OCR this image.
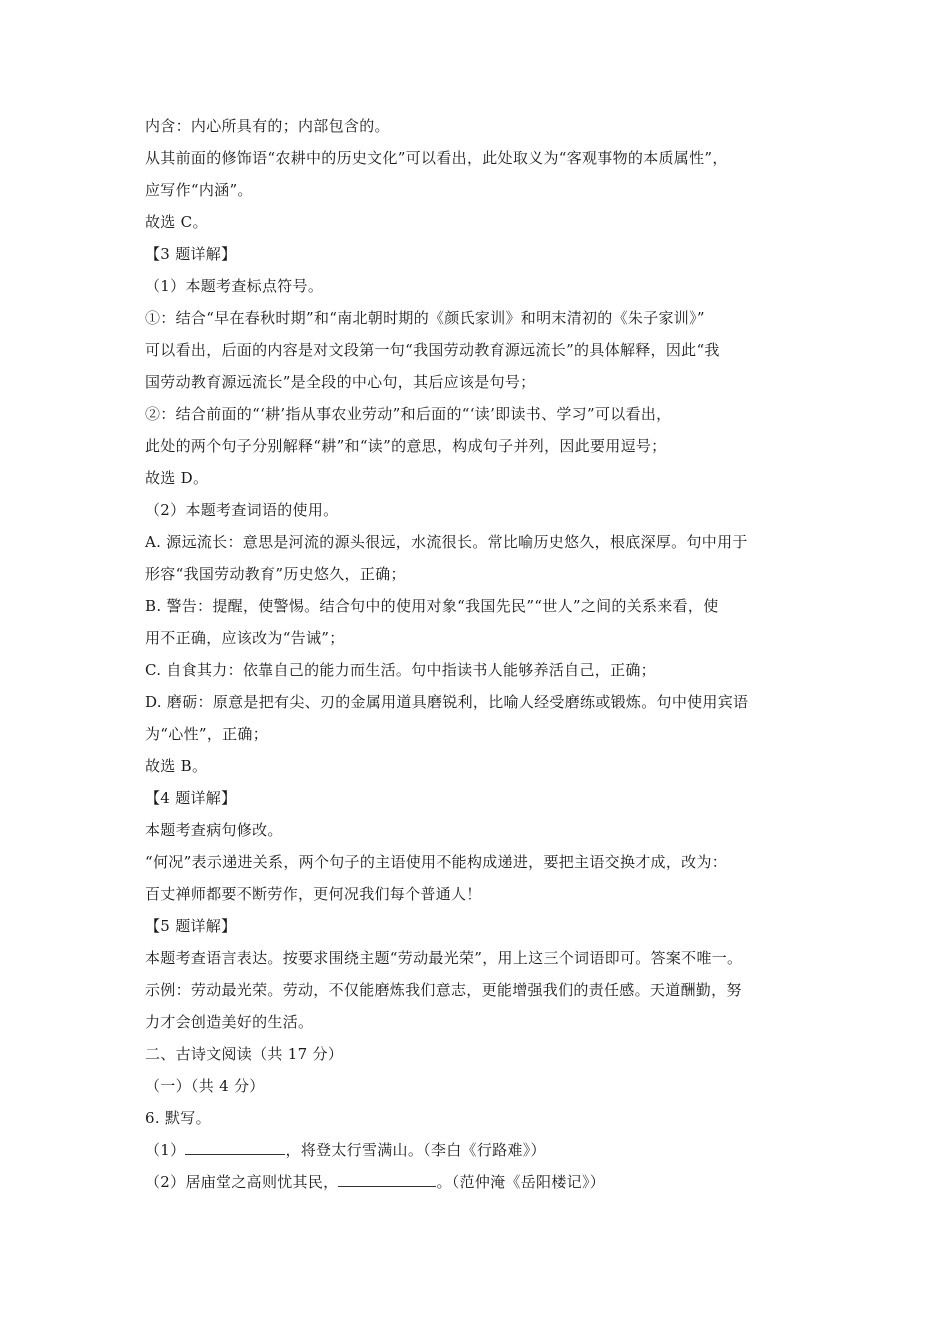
内含：内心所具有的；内部包含的。
从其前面的修饰语“农耕中的历史文化”可以看出，此处取义为“客观事物的本质属性”，
应写作“内涵”。
故选 C。
【3 题详解】
（1）本题考查标点符号。
①：结合“早在春秋时期”和“南北朝时期的《颜氏家训》和明末清初的《朱子家训》”
可以看出，后面的内容是对文段第一句“我国劳动教育源远流长”的具体解释，因此“我
国劳动教育源远流长”是全段的中心句，其后应该是句号；
②：结合前面的“‘耕’指从事农业劳动”和后面的“‘读’即读书、学习”可以看出，
此处的两个句子分别解释“耕”和“读”的意思，构成句子并列，因此要用逗号；
故选 D。
（2）本题考查词语的使用。
A. 源远流长：意思是河流的源头很远，水流很长。常比喻历史悠久，根底深厚。句中用于
形容“我国劳动教育”历史悠久，正确；
B. 警告：提醒，使警惕。结合句中的使用对象“我国先民”“世人”之间的关系来看，使
用不正确，应该改为“告诫”；
C. 自食其力：依靠自己的能力而生活。句中指读书人能够养活自己，正确；
D. 磨砺：原意是把有尖、刃的金属用道具磨锐利，比喻人经受磨练或锻炼。句中使用宾语
为“心性”，正确；
故选 B。
【4 题详解】
本题考查病句修改。
“何况”表示递进关系，两个句子的主语使用不能构成递进，要把主语交换才成，改为：
百丈禅师都要不断劳作，更何况我们每个普通人！
【5 题详解】
本题考查语言表达。按要求围绕主题“劳动最光荣”，用上这三个词语即可。答案不唯一。
示例：劳动最光荣。劳动，不仅能磨炼我们意志，更能增强我们的责任感。天道酬勤，努
力才会创造美好的生活。
二、古诗文阅读（共 17 分）
（一）（共 4 分）
6. 默写。
（1）	，将登太行雪满山。（李白《行路难》）
（2）居庙堂之高则忧其民，	。（范仲淹《岳阳楼记》）
